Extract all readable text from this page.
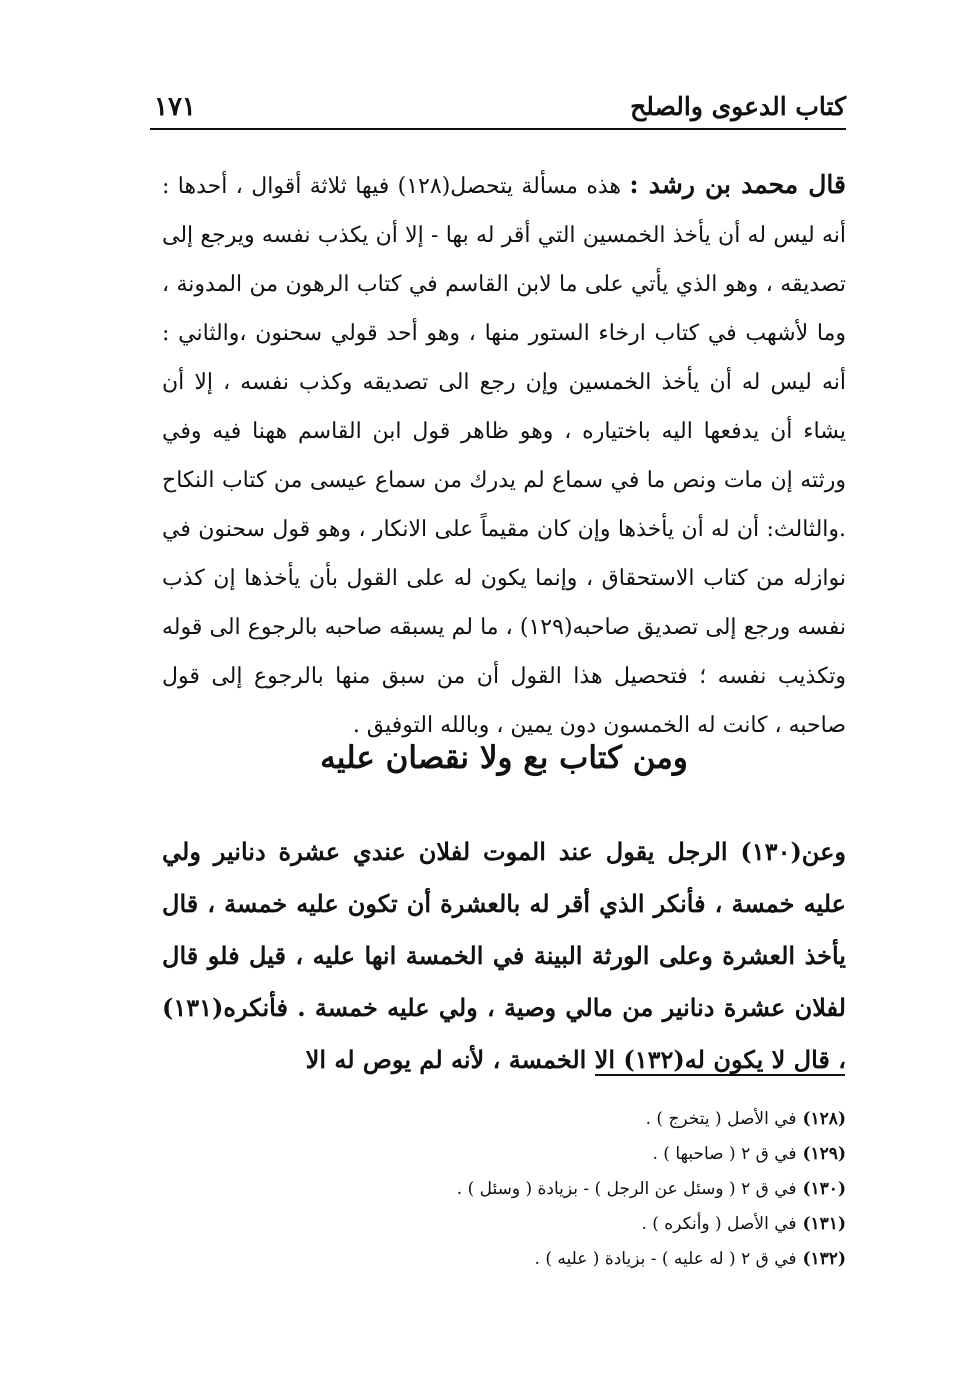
كتاب الدعوى والصلح
١٧١
قال محمد بن رشد : هذه مسألة يتحصل(١٢٨) فيها ثلاثة أقوال ، أحدها : أنه ليس له أن يأخذ الخمسين التي أقر له بها - إلا أن يكذب نفسه ويرجع إلى تصديقه ، وهو الذي يأتي على ما لابن القاسم في كتاب الرهون من المدونة ، وما لأشهب في كتاب ارخاء الستور منها ، وهو أحد قولي سحنون ،والثاني : أنه ليس له أن يأخذ الخمسين وإن رجع الى تصديقه وكذب نفسه ، إلا أن يشاء أن يدفعها اليه باختياره ، وهو ظاهر قول ابن القاسم ههنا فيه وفي ورثته إن مات ونص ما في سماع لم يدرك من سماع عيسى من كتاب النكاح .والثالث: أن له أن يأخذها وإن كان مقيماً على الانكار ، وهو قول سحنون في نوازله من كتاب الاستحقاق ، وإنما يكون له على القول بأن يأخذها إن كذب نفسه ورجع إلى تصديق صاحبه(١٢٩) ، ما لم يسبقه صاحبه بالرجوع الى قوله وتكذيب نفسه ؛ فتحصيل هذا القول أن من سبق منها بالرجوع إلى قول صاحبه ، كانت له الخمسون دون يمين ، وبالله التوفيق .
ومن كتاب بع ولا نقصان عليه
وعن(١٣٠) الرجل يقول عند الموت لفلان عندي عشرة دنانير ولي عليه خمسة ، فأنكر الذي أقر له بالعشرة أن تكون عليه خمسة ، قال يأخذ العشرة وعلى الورثة البينة في الخمسة انها عليه ، قيل فلو قال لفلان عشرة دنانير من مالي وصية ، ولي عليه خمسة . فأنكره(١٣١) ، قال لا يكون له(١٣٢) الا الخمسة ، لأنه لم يوص له الا
(١٢٨)في الأصل ( يتخرج ) .
(١٢٩)في ق ٢ ( صاحبها ) .
(١٣٠)في ق ٢ ( وسئل عن الرجل ) - بزيادة ( وسئل ) .
(١٣١)في الأصل ( وأنكره ) .
(١٣٢)في ق ٢ ( له عليه ) - بزيادة ( عليه ) .
